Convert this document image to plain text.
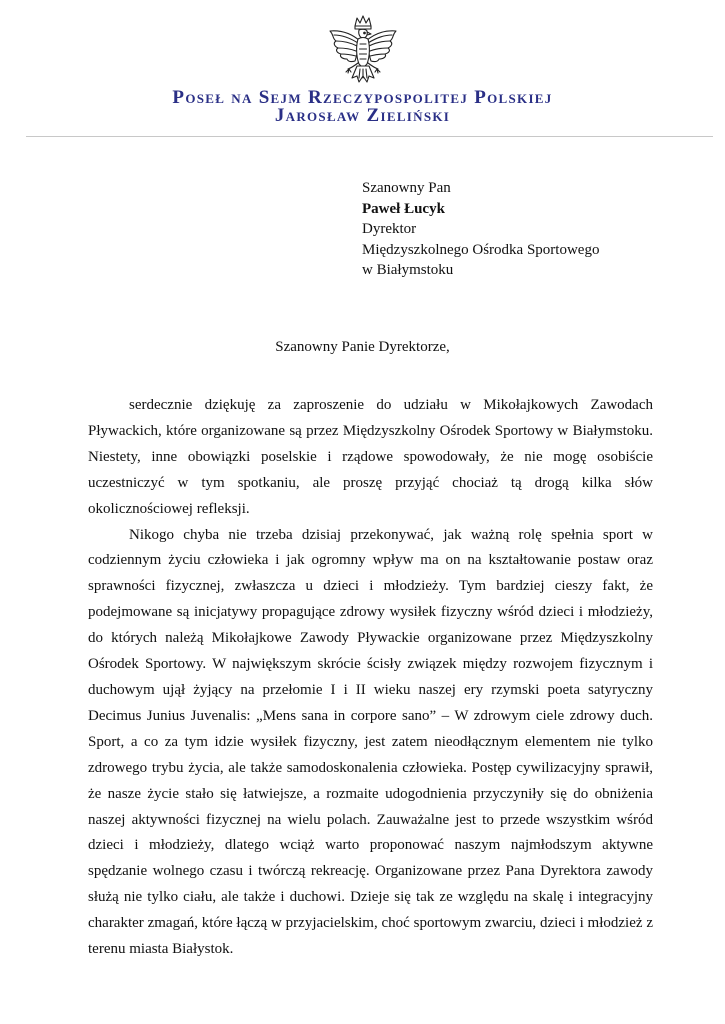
Poseł na Sejm Rzeczypospolitej Polskiej
Jarosław Zieliński
Szanowny Pan
Paweł Łucyk
Dyrektor
Międzyszkolnego Ośrodka Sportowego
w Białymstoku
Szanowny Panie Dyrektorze,

serdecznie dziękuję za zaproszenie do udziału w Mikołajkowych Zawodach Pływackich, które organizowane są przez Międzyszkolny Ośrodek Sportowy w Białymstoku. Niestety, inne obowiązki poselskie i rządowe spowodowały, że nie mogę osobiście uczestniczyć w tym spotkaniu, ale proszę przyjąć chociaż tą drogą kilka słów okolicznościowej refleksji.

Nikogo chyba nie trzeba dzisiaj przekonywać, jak ważną rolę spełnia sport w codziennym życiu człowieka i jak ogromny wpływ ma on na kształtowanie postaw oraz sprawności fizycznej, zwłaszcza u dzieci i młodzieży. Tym bardziej cieszy fakt, że podejmowane są inicjatywy propagujące zdrowy wysiłek fizyczny wśród dzieci i młodzieży, do których należą Mikołajkowe Zawody Pływackie organizowane przez Międzyszkolny Ośrodek Sportowy. W największym skrócie ścisły związek między rozwojem fizycznym i duchowym ujął żyjący na przełomie I i II wieku naszej ery rzymski poeta satyryczny Decimus Junius Juvenalis: „Mens sana in corpore sano” – W zdrowym ciele zdrowy duch. Sport, a co za tym idzie wysiłek fizyczny, jest zatem nieodłącznym elementem nie tylko zdrowego trybu życia, ale także samodoskonalenia człowieka. Postęp cywilizacyjny sprawił, że nasze życie stało się łatwiejsze, a rozmaite udogodnienia przyczyniły się do obniżenia naszej aktywności fizycznej na wielu polach. Zauważalne jest to przede wszystkim wśród dzieci i młodzieży, dlatego wciąż warto proponować naszym najmłodszym aktywne spędzanie wolnego czasu i twórczą rekreację. Organizowane przez Pana Dyrektora zawody służą nie tylko ciału, ale także i duchowi. Dzieje się tak ze względu na skalę i integracyjny charakter zmagań, które łączą w przyjacielskim, choć sportowym zwarciu, dzieci i młodzież z terenu miasta Białystok.
